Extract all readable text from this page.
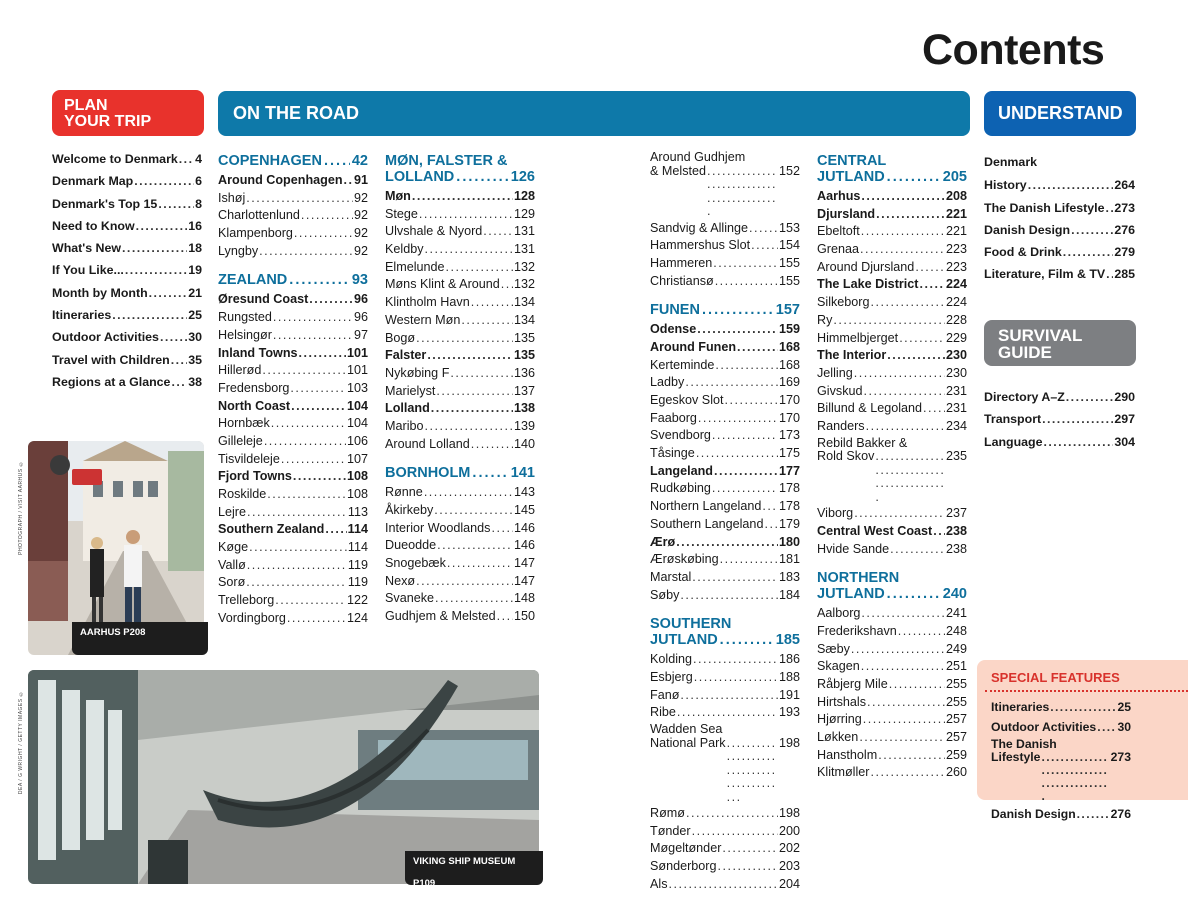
Contents
PLAN
YOUR TRIP	ON THE ROAD	UNDERSTAND
SURVIVAL
GUIDE
Welcome to Denmark . . . 4
Denmark Map . . .	6
Denmark's Top 15 . . .	8
Need to Know . . .	16
What's New . . .	18
If You Like... . . .	19
Month by Month . . .	21
Itineraries . . .	25
Outdoor Activities . . . 30
Travel with Children . . . 35
Regions at a Glance . . . 38
AARHUS P208
PHOTOGRAPH / VISIT AARHUS ©
VIKING SHIP MUSEUM P109
DEA / G WRIGHT / GETTY IMAGES ©
COPENHAGEN . . . 42
Around Copenhagen . . . 91
Ishøj . . .	92
Charlottenlund . . .	92
Klampenborg . . .	92
Lyngby . . .	92
ZEALAND . . .	93
Øresund Coast . . .	96
Rungsted . . .	96
Helsingør . . .	97
Inland Towns . . .	101
Hillerød . . .	101
Fredensborg . . .	103
North Coast . . .	104
Hornbæk . . .	104
Gilleleje . . .	106
Tisvildeleje . . .	107
Fjord Towns . . .	108
Roskilde . . .	108
Lejre . . .	113
Southern Zealand . . . 114
Køge . . .	114
Vallø . . .	119
Sorø . . .	119
Trelleborg . . .	122
Vordingborg . . .	124
MØN, FALSTER &
LOLLAND . . .	126
Møn . . .	128
Stege . . .	129
Ulvshale & Nyord . . .	131
Keldby . . .	131
Elmelunde . . .	132
Møns Klint & Around . . . 132
Klintholm Havn . . .	134
Western Møn . . .	134
Bogø . . .	135
Falster . . .	135
Nykøbing F . . .	136
Marielyst . . .	137
Lolland . . .	138
Maribo . . .	139
Around Lolland . . .	140
BORNHOLM . . .	141
Rønne . . .	143
Åkirkeby . . .	145
Interior Woodlands . . . 146
Dueodde . . .	146
Snogebæk . . .	147
Nexø . . .	147
Svaneke . . .	148
Gudhjem & Melsted . . . 150
Around Gudhjem
& Melsted . . .	152
Sandvig & Allinge . . . 153
Hammershus Slot . . . 154
Hammeren . . .	155
Christiansø . . .	155
FUNEN . . .	157
Odense . . .	159
Around Funen . . .	168
Kerteminde . . .	168
Ladby . . .	169
Egeskov Slot . . .	170
Faaborg . . .	170
Svendborg . . .	173
Tåsinge . . .	175
Langeland . . .	177
Rudkøbing . . .	178
Northern Langeland . . . 178
Southern Langeland . . . 179
Ærø . . .	180
Ærøskøbing . . .	181
Marstal . . .	183
Søby . . .	184
SOUTHERN
JUTLAND . . .	185
Kolding . . .	186
Esbjerg . . .	188
Fanø . . .	191
Ribe . . .	193
Wadden Sea
National Park . . .	198
Rømø . . .	198
Tønder . . .	200
Møgeltønder . . .	202
Sønderborg . . .	203
Als . . .	204
CENTRAL
JUTLAND . . .	205
Aarhus . . .	208
Djursland . . .	221
Ebeltoft . . .	221
Grenaa . . .	223
Around Djursland . . .	223
The Lake District . . . 224
Silkeborg . . .	224
Ry . . .	228
Himmelbjerget . . .	229
The Interior . . .	230
Jelling . . .	230
Givskud . . .	231
Billund & Legoland . . . 231
Randers . . .	234
Rebild Bakker &
Rold Skov . . .	235
Viborg . . .	237
Central West Coast . . . 238
Hvide Sande . . .	238
NORTHERN
JUTLAND . . .	240
Aalborg . . .	241
Frederikshavn . . .	248
Sæby . . .	249
Skagen . . .	251
Råbjerg Mile . . .	255
Hirtshals . . .	255
Hjørring . . .	257
Løkken . . .	257
Hanstholm . . .	259
Klitmøller . . .	260
Denmark
. . .
History . . .	264
The Danish Lifestyle . . . 273
Danish Design . . .	276
Food & Drink . . .	279
Literature, Film & TV . . . 285
Directory A–Z . . .	290
Transport . . .	297
Language . . .	304
SPECIAL FEATURES
Itineraries . . .	25
Outdoor Activities . . . 30
The Danish
Lifestyle . . .	273
Danish Design . . .	276
